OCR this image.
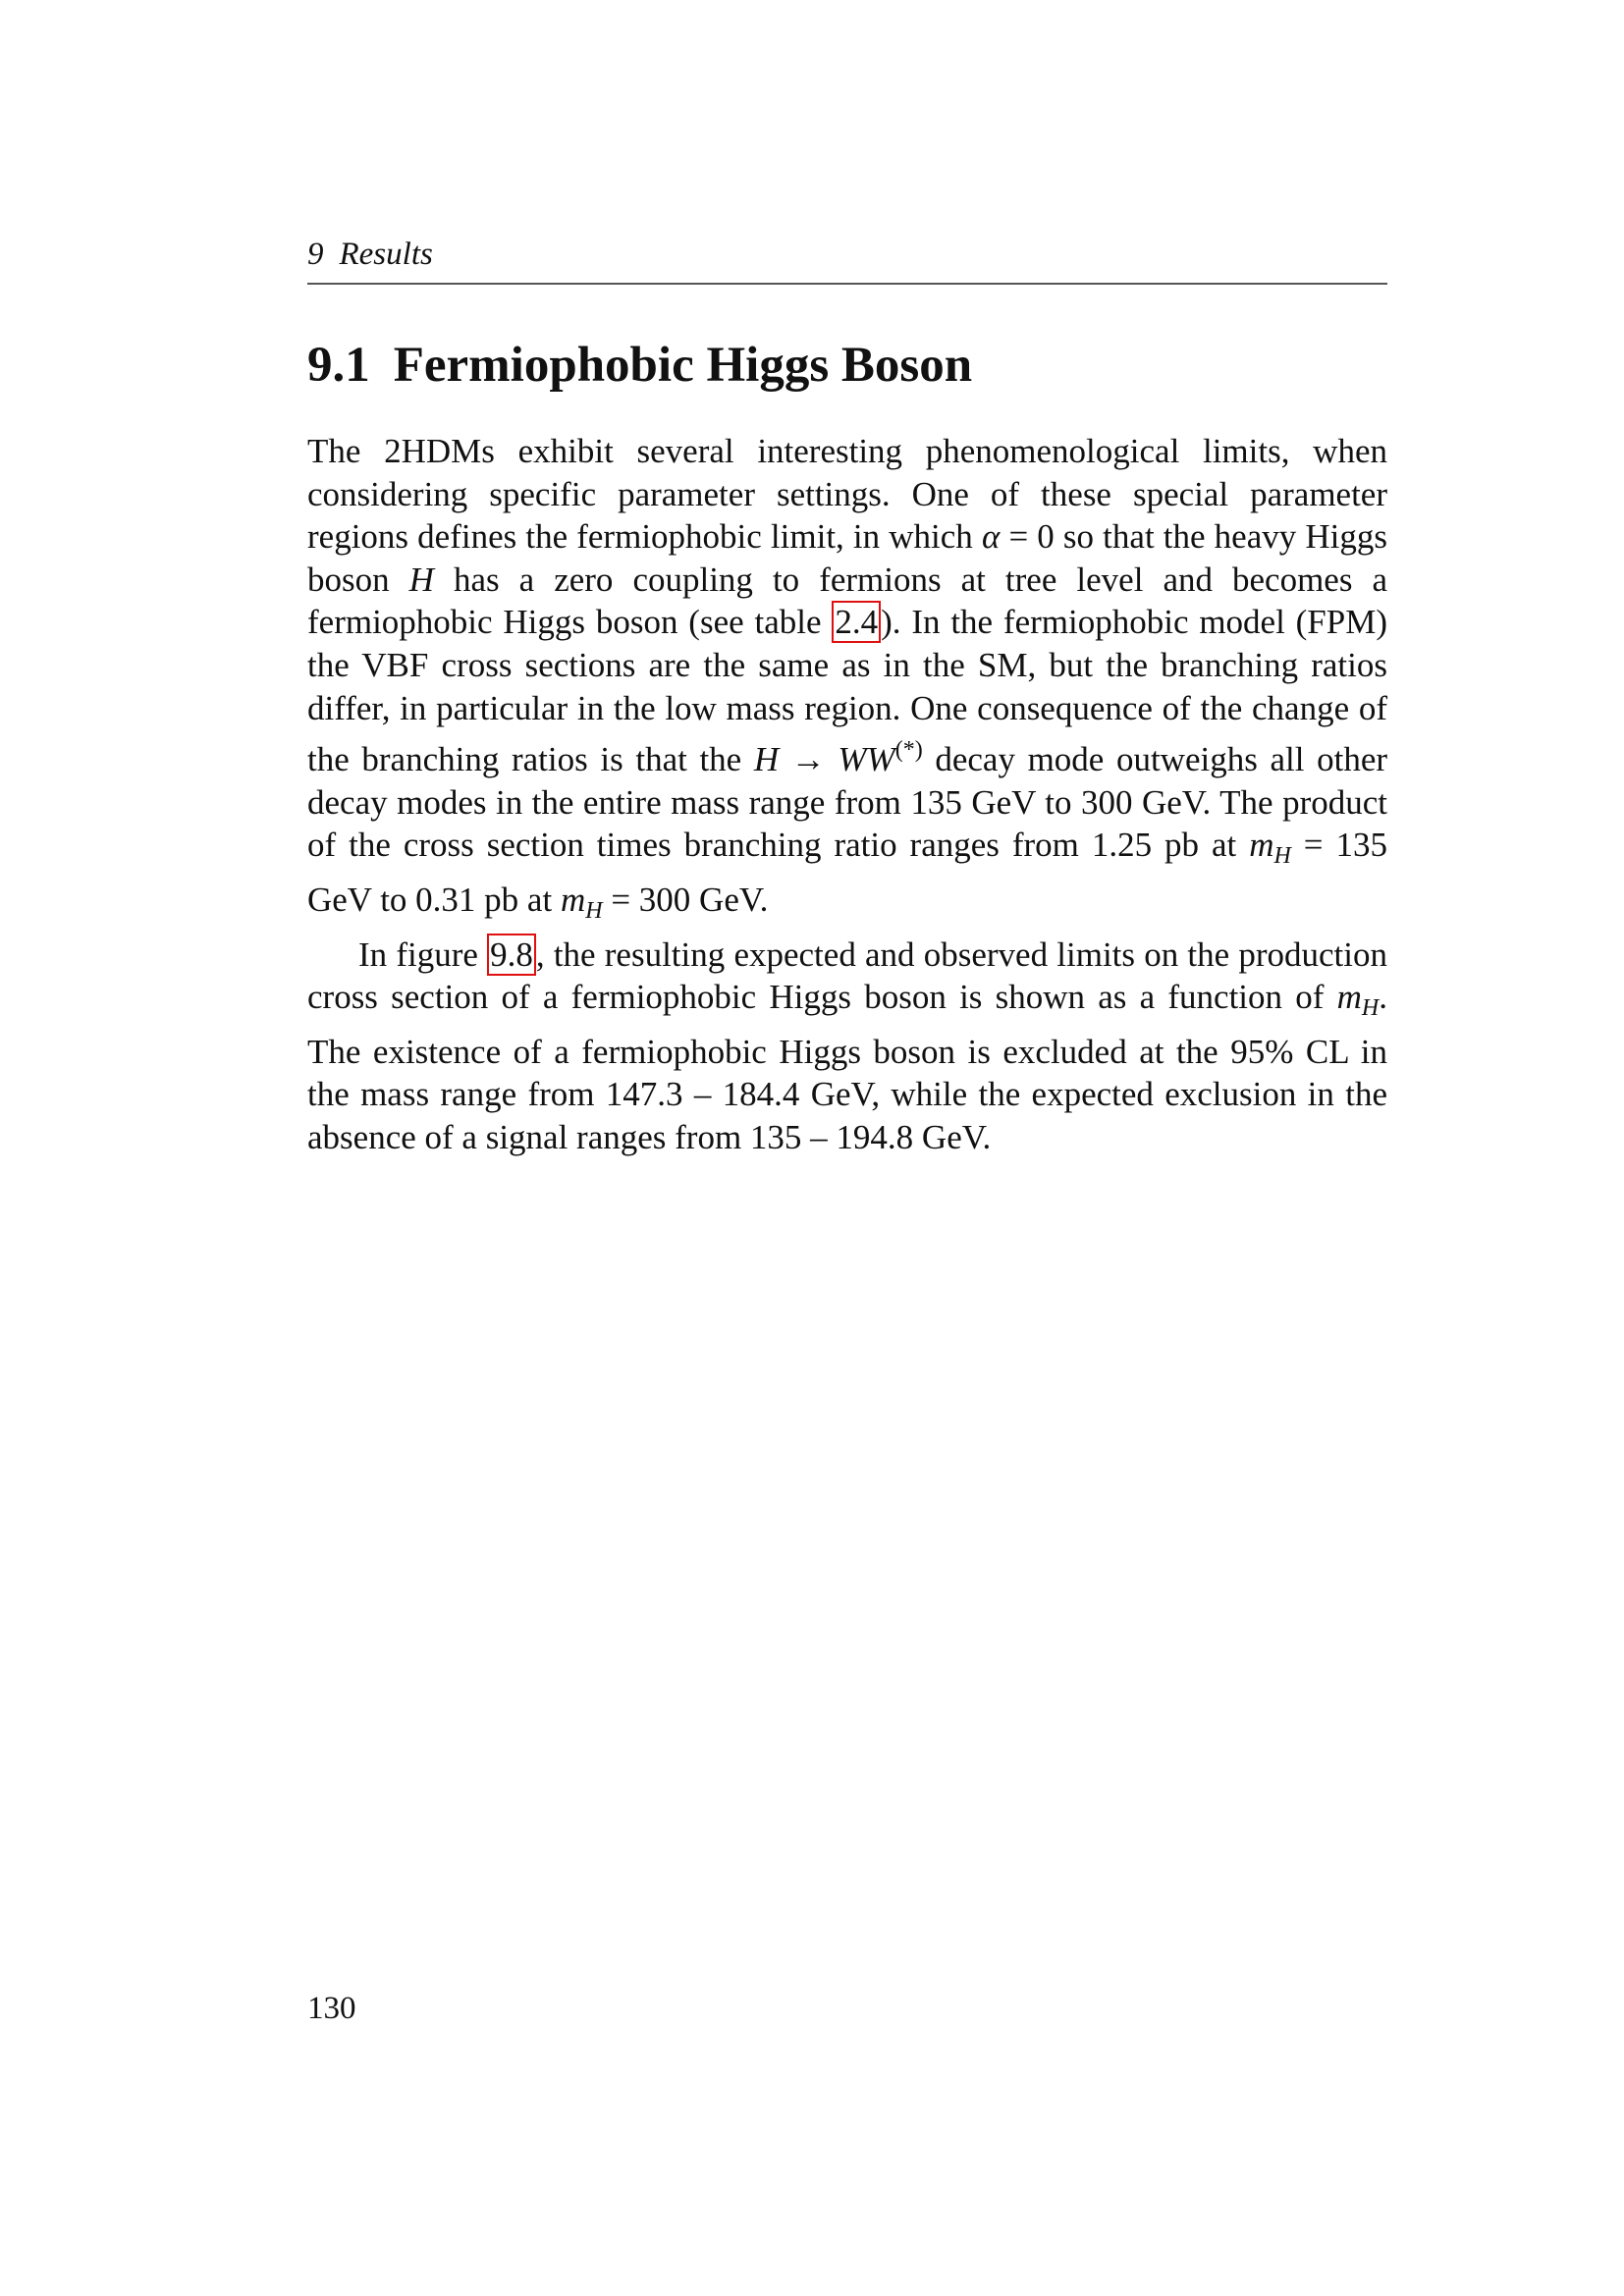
9 Results
9.1 Fermiophobic Higgs Boson

The 2HDMs exhibit several interesting phenomenological limits, when considering specific parameter settings. One of these special parameter regions defines the fermiophobic limit, in which α = 0 so that the heavy Higgs boson H has a zero coupling to fermions at tree level and becomes a fermiophobic Higgs boson (see table 2.4). In the fermiophobic model (FPM) the VBF cross sections are the same as in the SM, but the branching ratios differ, in particular in the low mass region. One consequence of the change of the branching ratios is that the H → WW(*) decay mode outweighs all other decay modes in the entire mass range from 135 GeV to 300 GeV. The product of the cross section times branching ratio ranges from 1.25 pb at $m_H = 135$ GeV to 0.31 pb at $m_H = 300$ GeV.

In figure 9.8, the resulting expected and observed limits on the production cross section of a fermiophobic Higgs boson is shown as a function of $m_H$. The existence of a fermiophobic Higgs boson is excluded at the 95% CL in the mass range from 147.3 – 184.4 GeV, while the expected exclusion in the absence of a signal ranges from 135 – 194.8 GeV.

130
